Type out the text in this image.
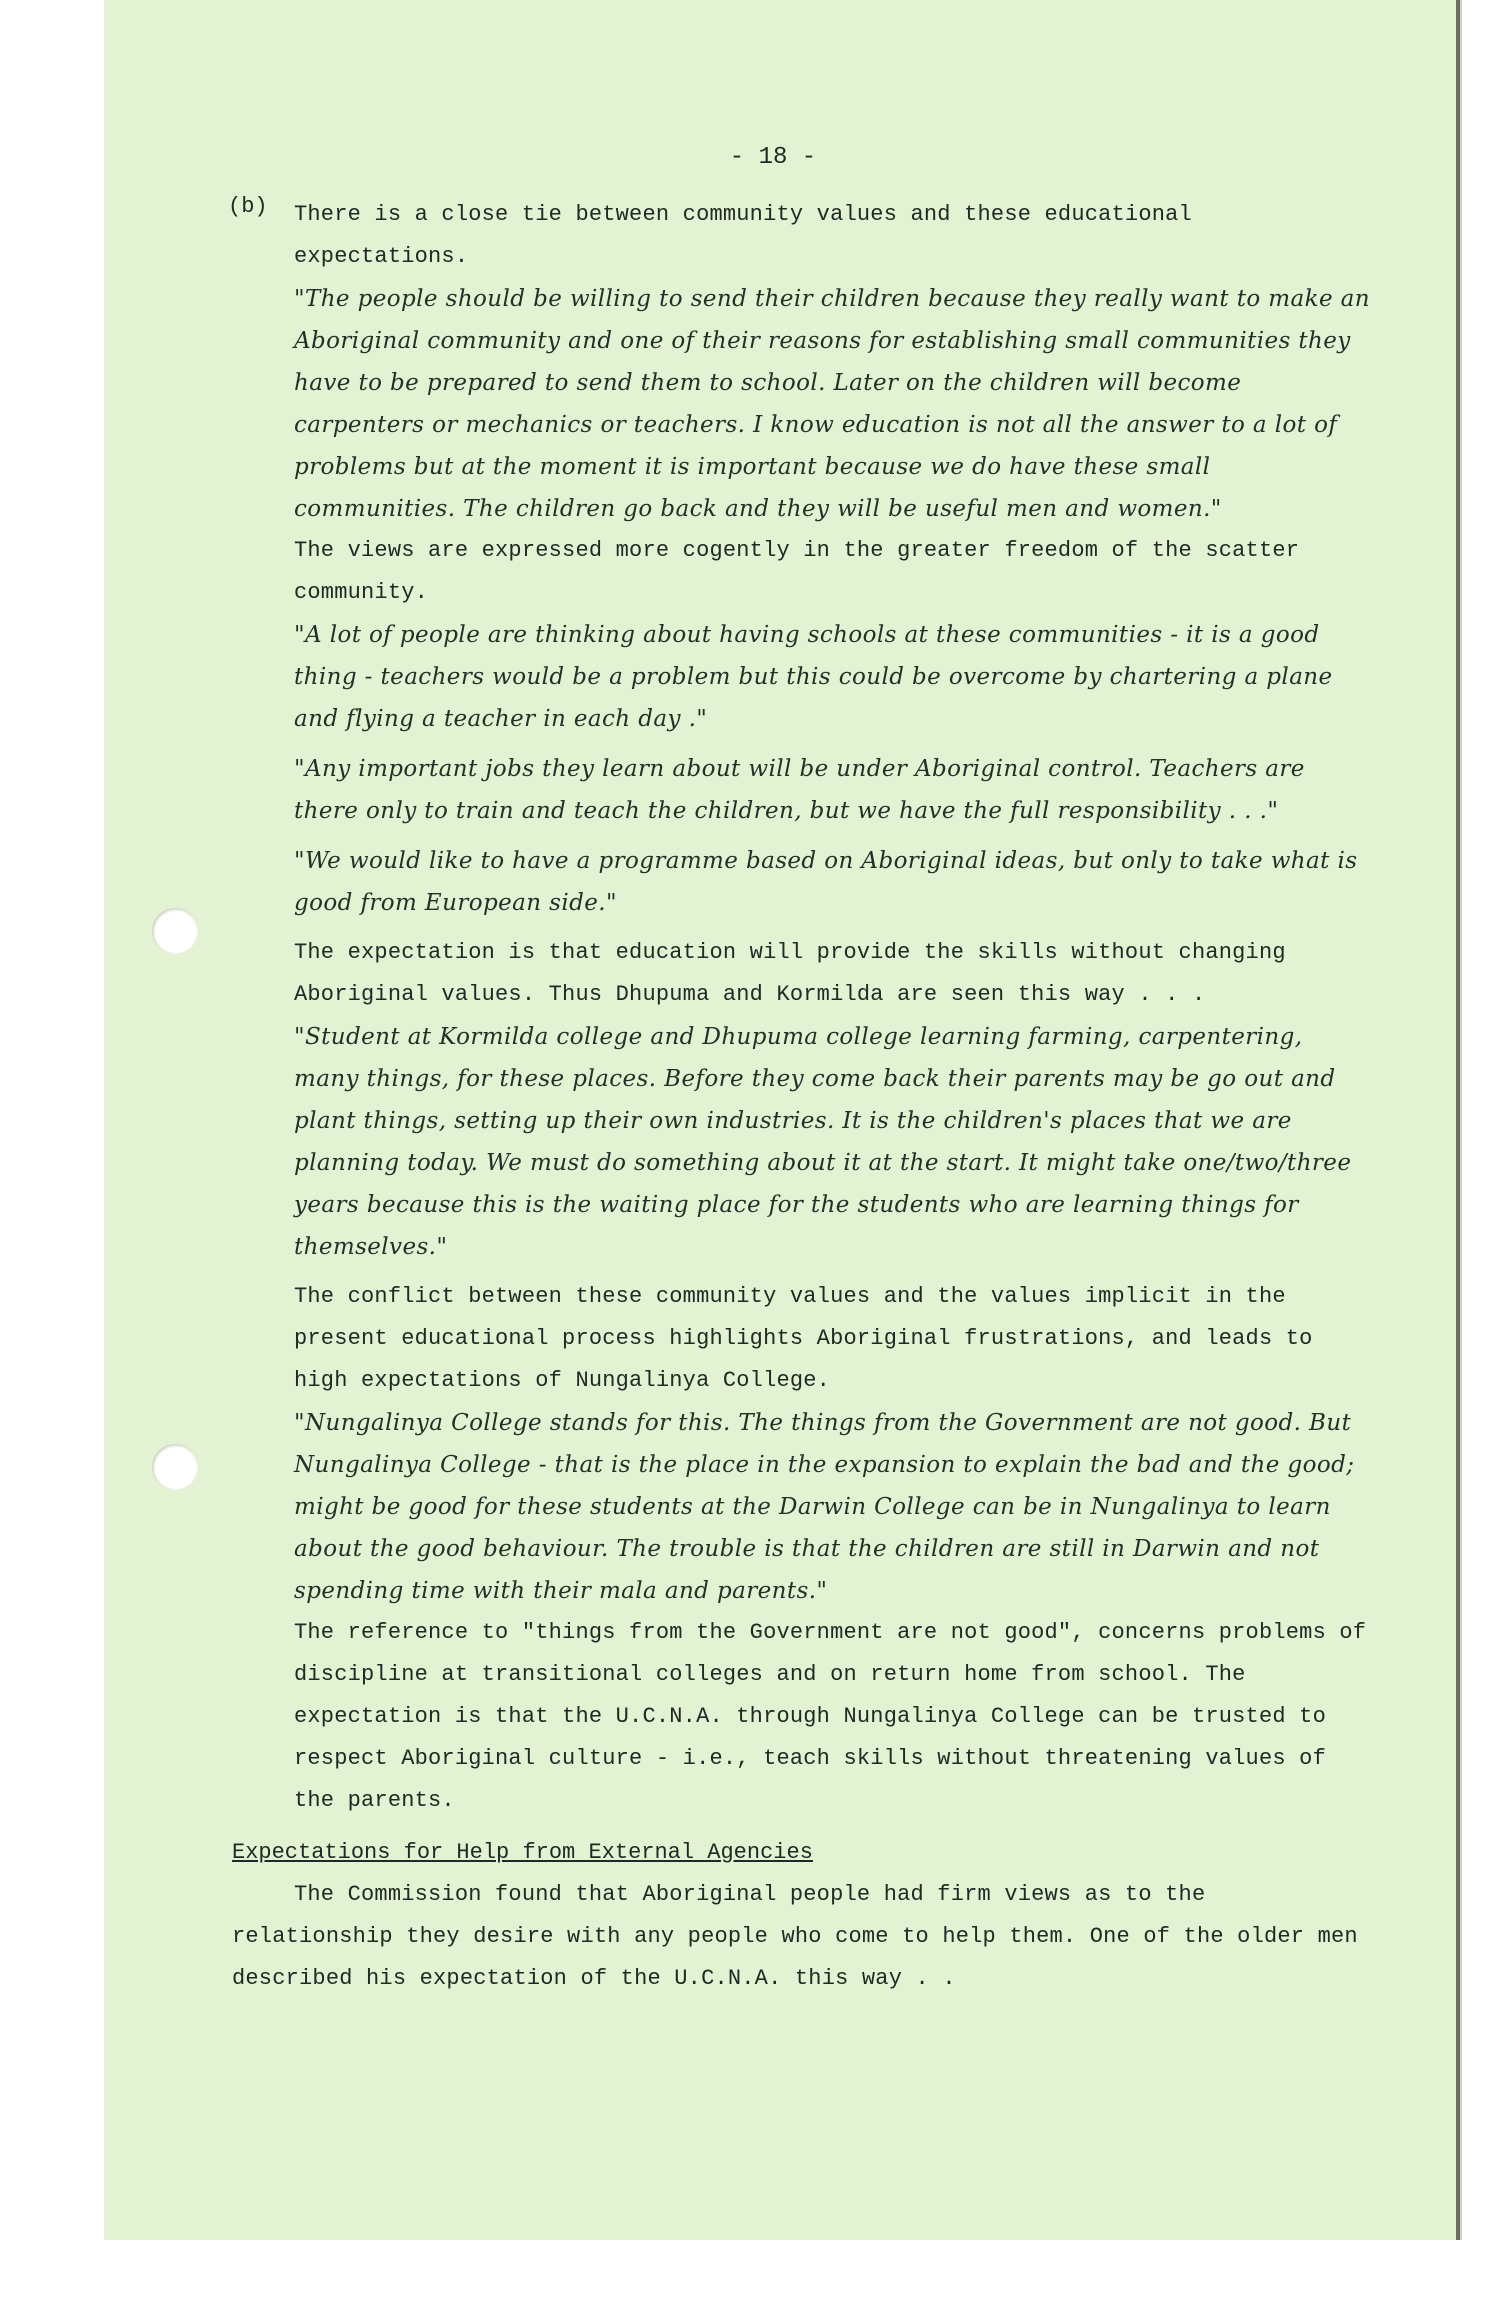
- 18 -
(b) There is a close tie between community values and these educational expectations.

"The people should be willing to send their children because they really want to make an Aboriginal community and one of their reasons for establishing small communities they have to be prepared to send them to school. Later on the children will become carpenters or mechanics or teachers. I know education is not all the answer to a lot of problems but at the moment it is important because we do have these small communities. The children go back and they will be useful men and women."

The views are expressed more cogently in the greater freedom of the scatter community.

"A lot of people are thinking about having schools at these communities - it is a good thing - teachers would be a problem but this could be overcome by chartering a plane and flying a teacher in each day ."

"Any important jobs they learn about will be under Aboriginal control. Teachers are there only to train and teach the children, but we have the full responsibility . . ."

"We would like to have a programme based on Aboriginal ideas, but only to take what is good from European side."

The expectation is that education will provide the skills without changing Aboriginal values. Thus Dhupuma and Kormilda are seen this way . . .

"Student at Kormilda college and Dhupuma college learning farming, carpentering, many things, for these places. Before they come back their parents may be go out and plant things, setting up their own industries. It is the children's places that we are planning today. We must do something about it at the start. It might take one/two/three years because this is the waiting place for the students who are learning things for themselves."

The conflict between these community values and the values implicit in the present educational process highlights Aboriginal frustrations, and leads to high expectations of Nungalinya College.

"Nungalinya College stands for this. The things from the Government are not good. But Nungalinya College - that is the place in the expansion to explain the bad and the good; might be good for these students at the Darwin College can be in Nungalinya to learn about the good behaviour. The trouble is that the children are still in Darwin and not spending time with their mala and parents."

The reference to "things from the Government are not good", concerns problems of discipline at transitional colleges and on return home from school. The expectation is that the U.C.N.A. through Nungalinya College can be trusted to respect Aboriginal culture - i.e., teach skills without threatening values of the parents.

Expectations for Help from External Agencies

The Commission found that Aboriginal people had firm views as to the relationship they desire with any people who come to help them. One of the older men described his expectation of the U.C.N.A. this way . .
